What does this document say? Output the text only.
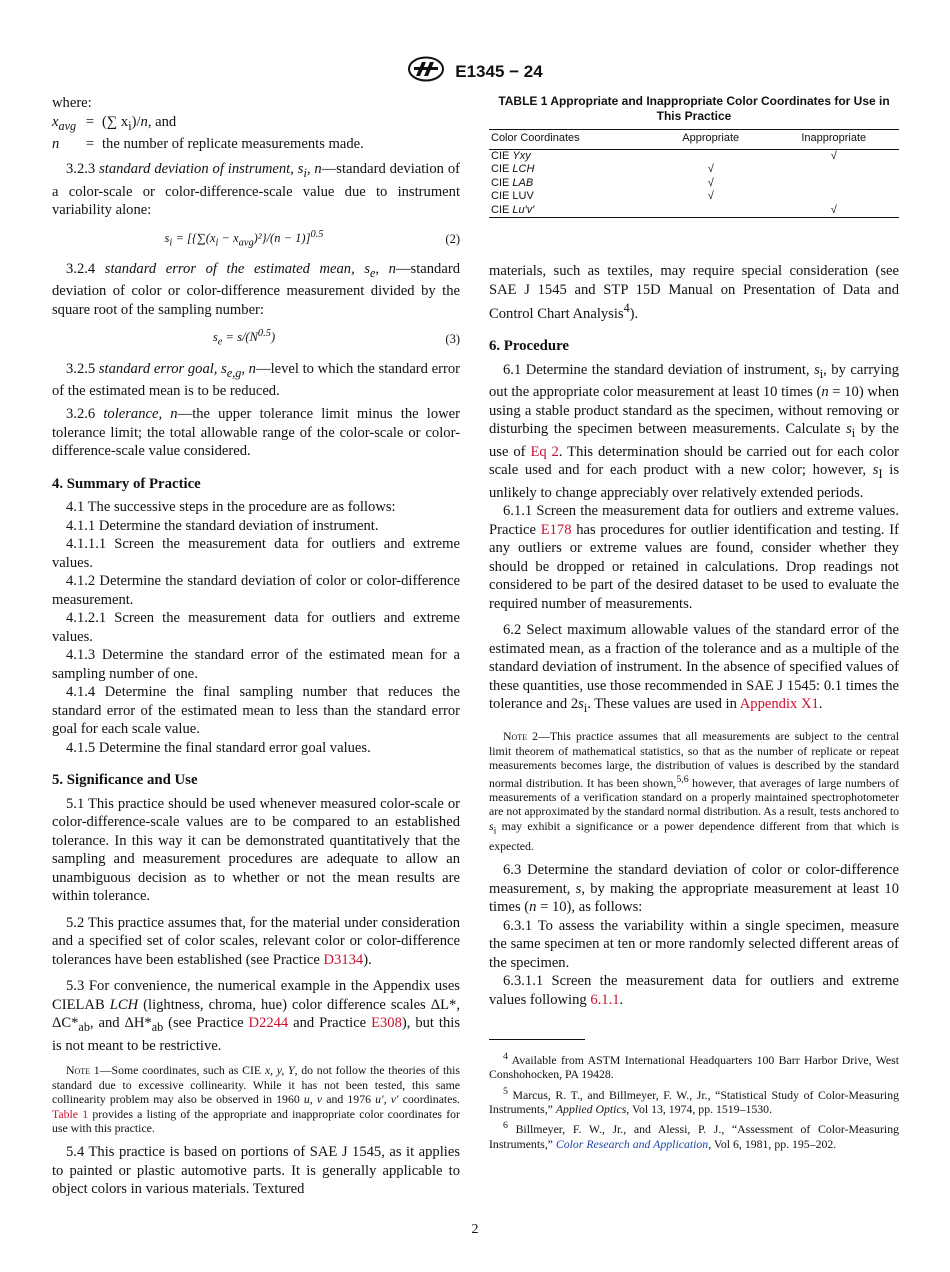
E1345 − 24

where:

$x_{avg}$ = (∑ $x_i)/n$, and
n	= the number of replicate measurements made.

3.2.3 standard deviation of instrument, $s_i$, n—standard deviation of a color-scale or color-difference-scale value due to instrument variability alone:

$s_i = [\{\sum(x_i - x_{avg})^2\}/(n - 1)]^{0.5}$	(2)

3.2.4 standard error of the estimated mean, $s_e$, n—standard deviation of color or color-difference measurement divided by the square root of the sampling number:

$s_e = s/(N^{0.5})$	(3)

3.2.5 standard error goal, $s_{e,g}$, n—level to which the standard error of the estimated mean is to be reduced.

3.2.6 tolerance, n—the upper tolerance limit minus the lower tolerance limit; the total allowable range of the color-scale or color-difference-scale value considered.

4. Summary of Practice

4.1 The successive steps in the procedure are as follows:

4.1.1 Determine the standard deviation of instrument.

4.1.1.1 Screen the measurement data for outliers and extreme values.

4.1.2 Determine the standard deviation of color or color-difference measurement.

4.1.2.1 Screen the measurement data for outliers and extreme values.

4.1.3 Determine the standard error of the estimated mean for a sampling number of one.

4.1.4 Determine the final sampling number that reduces the standard error of the estimated mean to less than the standard error goal for each scale value.

4.1.5 Determine the final standard error goal values.

5. Significance and Use

5.1 This practice should be used whenever measured color-scale or color-difference-scale values are to be compared to an established tolerance. In this way it can be demonstrated quantitatively that the sampling and measurement procedures are adequate to allow an unambiguous decision as to whether or not the mean results are within tolerance.

5.2 This practice assumes that, for the material under consideration and a specified set of color scales, relevant color or color-difference tolerances have been established (see Practice D3134).

5.3 For convenience, the numerical example in the Appendix uses CIELAB LCH (lightness, chroma, hue) color difference scales ΔL*, $\Delta C*_{ab}$, and $\Delta H*_{ab}$ (see Practice D2244 and Practice E308), but this is not meant to be restrictive.

Note 1—Some coordinates, such as CIE x, y, Y, do not follow the theories of this standard due to excessive collinearity. While it has not been tested, this same collinearity problem may also be observed in 1960 u, v and 1976 u′, v′ coordinates. Table 1 provides a listing of the appropriate and inappropriate color coordinates for use with this practice.

5.4 This practice is based on portions of SAE J 1545, as it applies to painted or plastic automotive parts. It is generally applicable to object colors in various materials. Textured

TABLE 1 Appropriate and Inappropriate Color Coordinates for Use in This Practice

Color Coordinates	Appropriate	Inappropriate
CIE Yxy		√
CIE LCH	√	
CIE LAB	√	
CIE LUV	√	
CIE Lu′v′		√

materials, such as textiles, may require special consideration (see SAE J 1545 and STP 15D Manual on Presentation of Data and Control Chart Analysis$^4$).

6. Procedure

6.1 Determine the standard deviation of instrument, $s_i$, by carrying out the appropriate color measurement at least 10 times (n = 10) when using a stable product standard as the specimen, without removing or disturbing the specimen between measurements. Calculate $s_i$ by the use of Eq 2. This determination should be carried out for each color scale used and for each product with a new color; however, $s_I$ is unlikely to change appreciably over relatively extended periods.

6.1.1 Screen the measurement data for outliers and extreme values. Practice E178 has procedures for outlier identification and testing. If any outliers or extreme values are found, consider whether they should be dropped or retained in calculations. Drop readings not considered to be part of the desired dataset to be used to evaluate the required number of measurements.

6.2 Select maximum allowable values of the standard error of the estimated mean, as a fraction of the tolerance and as a multiple of the standard deviation of instrument. In the absence of specified values of these quantities, use those recommended in SAE J 1545: 0.1 times the tolerance and $2s_i$. These values are used in Appendix X1.

Note 2—This practice assumes that all measurements are subject to the central limit theorem of mathematical statistics, so that as the number of replicate or repeat measurements becomes large, the distribution of values is described by the standard normal distribution. It has been shown,$^{5,6}$ however, that averages of large numbers of measurements of a verification standard on a properly maintained spectrophotometer are not approximated by the standard normal distribution. As a result, tests anchored to $s_i$ may exhibit a significance or a power dependence different from that which is expected.

6.3 Determine the standard deviation of color or color-difference measurement, s, by making the appropriate measurement at least 10 times (n = 10), as follows:

6.3.1 To assess the variability within a single specimen, measure the same specimen at ten or more randomly selected different areas of the specimen.

6.3.1.1 Screen the measurement data for outliers and extreme values following 6.1.1.

$^4$ Available from ASTM International Headquarters 100 Barr Harbor Drive, West Conshohocken, PA 19428.

$^5$ Marcus, R. T., and Billmeyer, F. W., Jr., “Statistical Study of Color-Measuring Instruments,” Applied Optics, Vol 13, 1974, pp. 1519–1530.

$^6$ Billmeyer, F. W., Jr., and Alessi, P. J., “Assessment of Color-Measuring Instruments,” Color Research and Application, Vol 6, 1981, pp. 195–202.

2
